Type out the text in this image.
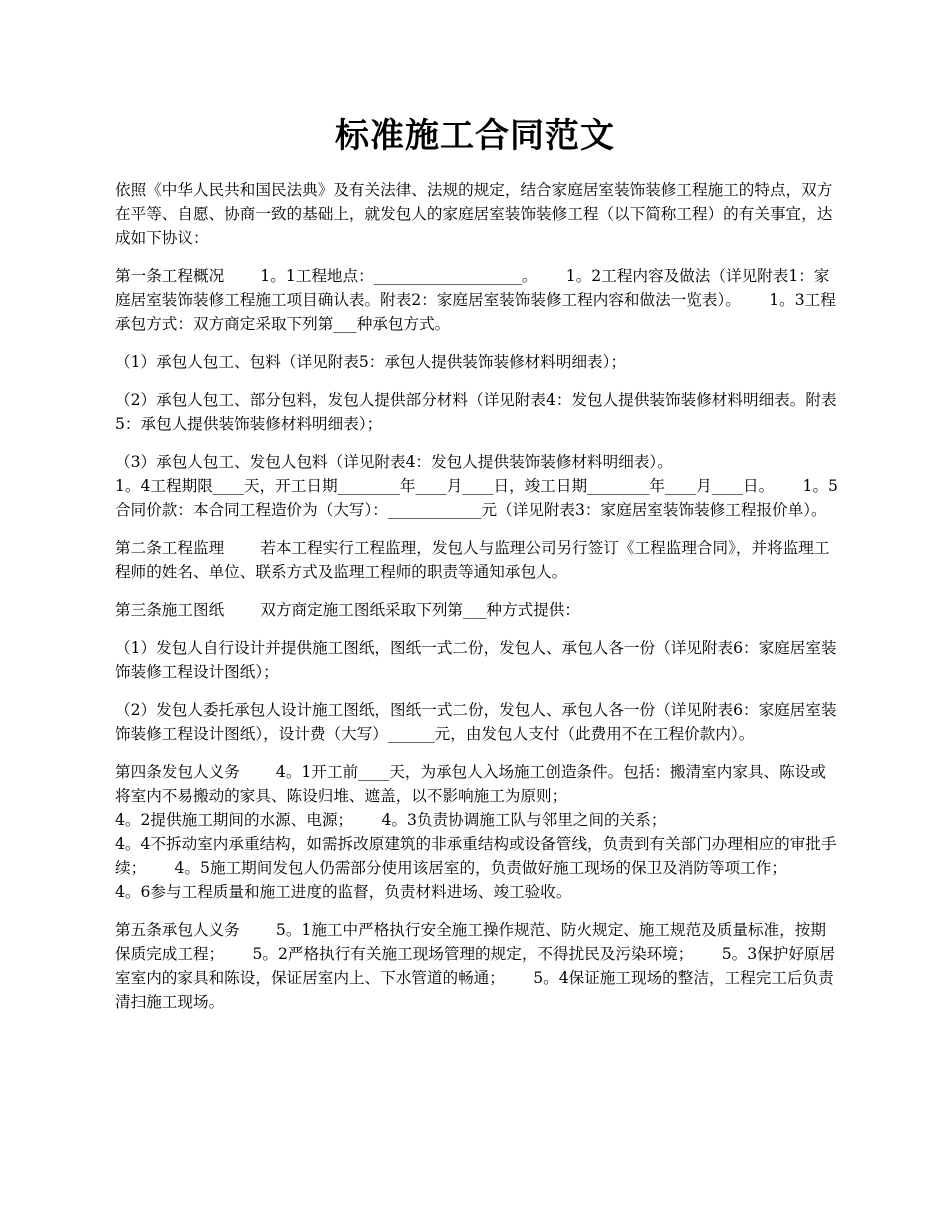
标准施工合同范文

依照《中华人民共和国民法典》及有关法律、法规的规定，结合家庭居室装饰装修工程施工的特点，双方在平等、自愿、协商一致的基础上，就发包人的家庭居室装饰装修工程（以下简称工程）的有关事宜，达成如下协议：

第一条工程概况　　 1。1工程地点：___________________。　　 1。2工程内容及做法（详见附表1：家庭居室装饰装修工程施工项目确认表。附表2：家庭居室装饰装修工程内容和做法一览表）。　　 1。3工程承包方式：双方商定采取下列第___种承包方式。

（1）承包人包工、包料（详见附表5：承包人提供装饰装修材料明细表）；

（2）承包人包工、部分包料，发包人提供部分材料（详见附表4：发包人提供装饰装修材料明细表。附表5：承包人提供装饰装修材料明细表）；

（3）承包人包工、发包人包料（详见附表4：发包人提供装饰装修材料明细表）。
1。4工程期限____天，开工日期________年____月____日，竣工日期________年____月____日。　　 1。5合同价款：本合同工程造价为（大写）：____________元（详见附表3：家庭居室装饰装修工程报价单）。

第二条工程监理　　 若本工程实行工程监理，发包人与监理公司另行签订《工程监理合同》，并将监理工程师的姓名、单位、联系方式及监理工程师的职责等通知承包人。

第三条施工图纸　　 双方商定施工图纸采取下列第___种方式提供：

（1）发包人自行设计并提供施工图纸，图纸一式二份，发包人、承包人各一份（详见附表6：家庭居室装饰装修工程设计图纸）；

（2）发包人委托承包人设计施工图纸，图纸一式二份，发包人、承包人各一份（详见附表6：家庭居室装饰装修工程设计图纸），设计费（大写）______元，由发包人支付（此费用不在工程价款内）。

第四条发包人义务　　 4。1开工前____天，为承包人入场施工创造条件。包括：搬清室内家具、陈设或将室内不易搬动的家具、陈设归堆、遮盖，以不影响施工为原则；
4。2提供施工期间的水源、电源；　　 4。3负责协调施工队与邻里之间的关系；
4。4不拆动室内承重结构，如需拆改原建筑的非承重结构或设备管线，负责到有关部门办理相应的审批手续；　　 4。5施工期间发包人仍需部分使用该居室的，负责做好施工现场的保卫及消防等项工作；　　 4。6参与工程质量和施工进度的监督，负责材料进场、竣工验收。

第五条承包人义务　　 5。1施工中严格执行安全施工操作规范、防火规定、施工规范及质量标准，按期保质完成工程；　　 5。2严格执行有关施工现场管理的规定，不得扰民及污染环境；　　 5。3保护好原居室室内的家具和陈设，保证居室内上、下水管道的畅通；　　 5。4保证施工现场的整洁，工程完工后负责清扫施工现场。
